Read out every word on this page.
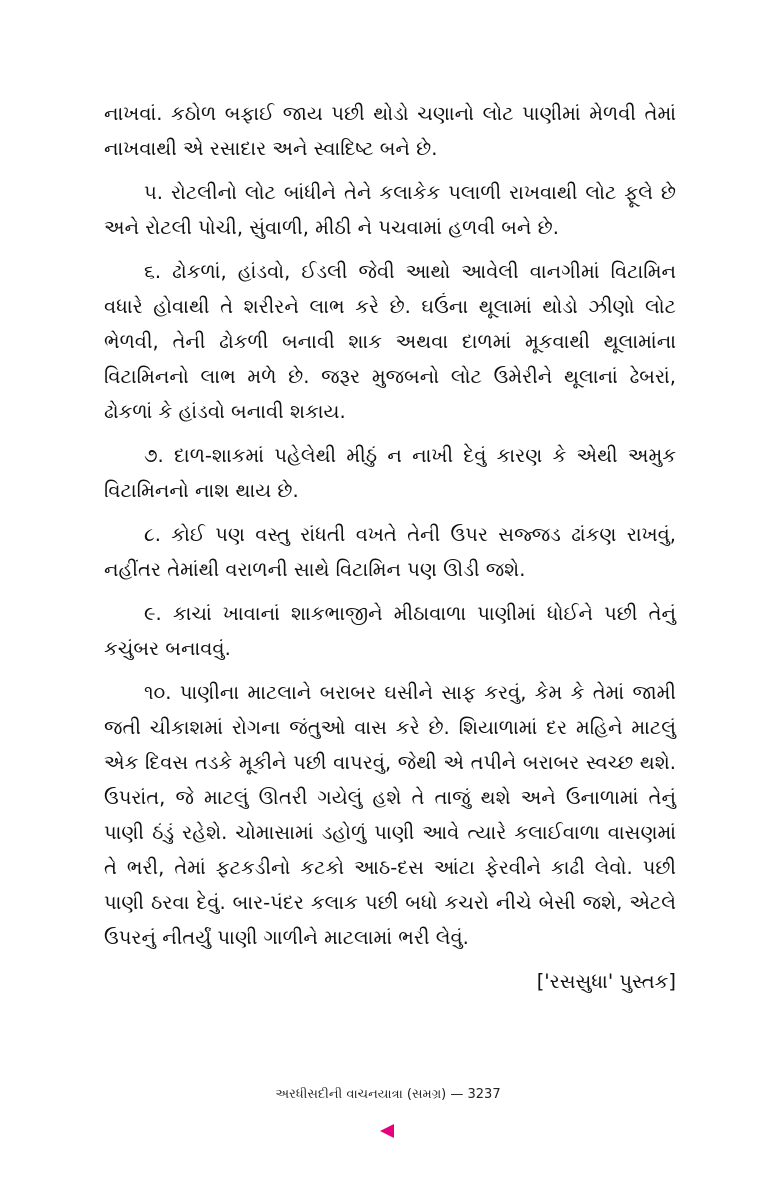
નાખવાં. કઠોળ બફાઈ જાય પછી થોડો ચણાનો લોટ પાણીમાં મેળવી તેમાં નાખવાથી એ રસાદાર અને સ્વાદિષ્ટ બને છે.

૫. રોટલીનો લોટ બાંધીને તેને કલાકેક પલાળી રાખવાથી લોટ ફૂલે છે અને રોટલી પોચી, સુંવાળી, મીઠી ને પચવામાં હળવી બને છે.

૬. ઢોકળાં, હાંડવો, ઈડલી જેવી આથો આવેલી વાનગીમાં વિટામિન વધારે હોવાથી તે શરીરને લાભ કરે છે. ઘઉંના થૂલામાં થોડો ઝીણો લોટ ભેળવી, તેની ઢોકળી બનાવી શાક અથવા દાળમાં મૂકવાથી થૂલામાંના વિટામિનનો લાભ મળે છે. જરૂર મુજબનો લોટ ઉમેરીને થૂલાનાં ઢેબરાં, ઢોકળાં કે હાંડવો બનાવી શકાય.

૭. દાળ-શાકમાં પહેલેથી મીઠું ન નાખી દેવું કારણ કે એથી અમુક વિટામિનનો નાશ થાય છે.

૮. કોઈ પણ વસ્તુ રાંધતી વખતે તેની ઉપર સજ્જડ ઢાંકણ રાખવું, નહીંતર તેમાંથી વરાળની સાથે વિટામિન પણ ઊડી જશે.

૯. કાચાં ખાવાનાં શાકભાજીને મીઠાવાળા પાણીમાં ધોઈને પછી તેનું કચુંબર બનાવવું.

૧૦. પાણીના માટલાને બરાબર ઘસીને સાફ કરવું, કેમ કે તેમાં જામી જતી ચીકાશમાં રોગના જંતુઓ વાસ કરે છે. શિયાળામાં દર મહિને માટલું એક દિવસ તડકે મૂકીને પછી વાપરવું, જેથી એ તપીને બરાબર સ્વચ્છ થશે. ઉપરાંત, જે માટલું ઊતરી ગયેલું હશે તે તાજું થશે અને ઉનાળામાં તેનું પાણી ઠંડું રહેશે. ચોમાસામાં ડહોળું પાણી આવે ત્યારે કલાઈવાળા વાસણમાં તે ભરી, તેમાં ફટકડીનો કટકો આઠ-દસ આંટા ફેરવીને કાઢી લેવો. પછી પાણી ઠરવા દેવું. બાર-પંદર કલાક પછી બધો કચરો નીચે બેસી જશે, એટલે ઉપરનું નીતર્યું પાણી ગાળીને માટલામાં ભરી લેવું.

['રસસુધા' પુસ્તક]
અરધીસદીની વાચનયાત્રા (સમગ્ર) — 3237
